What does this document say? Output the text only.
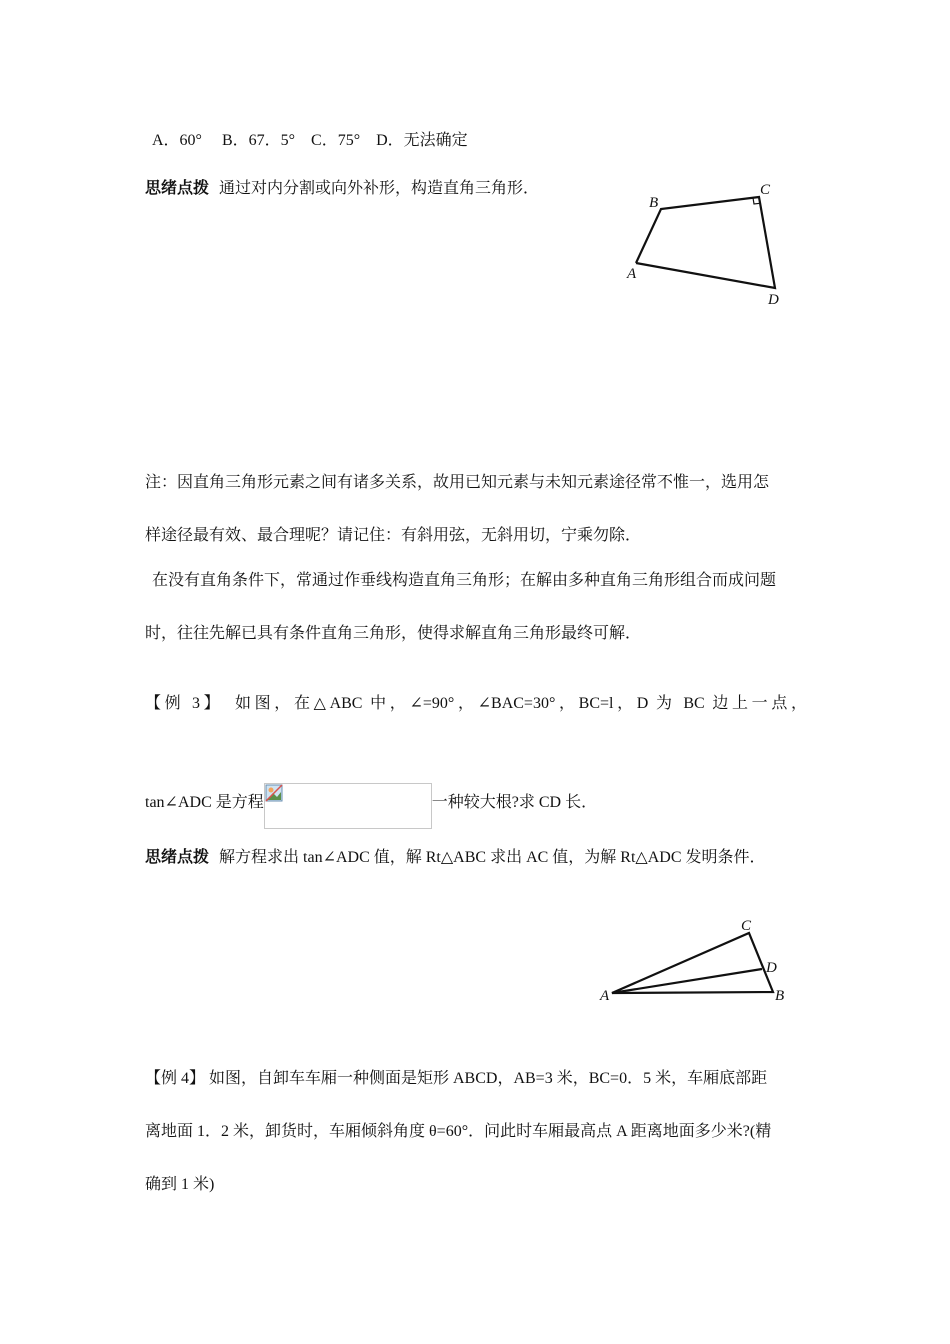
A．60°　 B．67．5°　C．75°　D．无法确定
思绪点拨 通过对内分割或向外补形，构造直角三角形．
A
B
C
D
注：因直角三角形元素之间有诸多关系，故用已知元素与未知元素途径常不惟一，选用怎
样途径最有效、最合理呢？请记住：有斜用弦，无斜用切，宁乘勿除．
在没有直角条件下，常通过作垂线构造直角三角形；在解由多种直角三角形组合而成问题
时，往往先解已具有条件直角三角形，使得求解直角三角形最终可解．
【例 3】　如图，在△ABC 中，∠=90°，∠BAC=30°，BC=l，D 为 BC 边上一点，
tan∠ADC 是方程	一种较大根?求 CD 长．
思绪点拨 解方程求出 tan∠ADC 值，解 Rt△ABC 求出 AC 值，为解 Rt△ADC 发明条件．
A	B
C
D
【例 4】 如图，自卸车车厢一种侧面是矩形 ABCD，AB=3 米，BC=0．5 米，车厢底部距
离地面 1．2 米，卸货时，车厢倾斜角度 θ=60°．问此时车厢最高点 A 距离地面多少米?(精
确到 1 米)
